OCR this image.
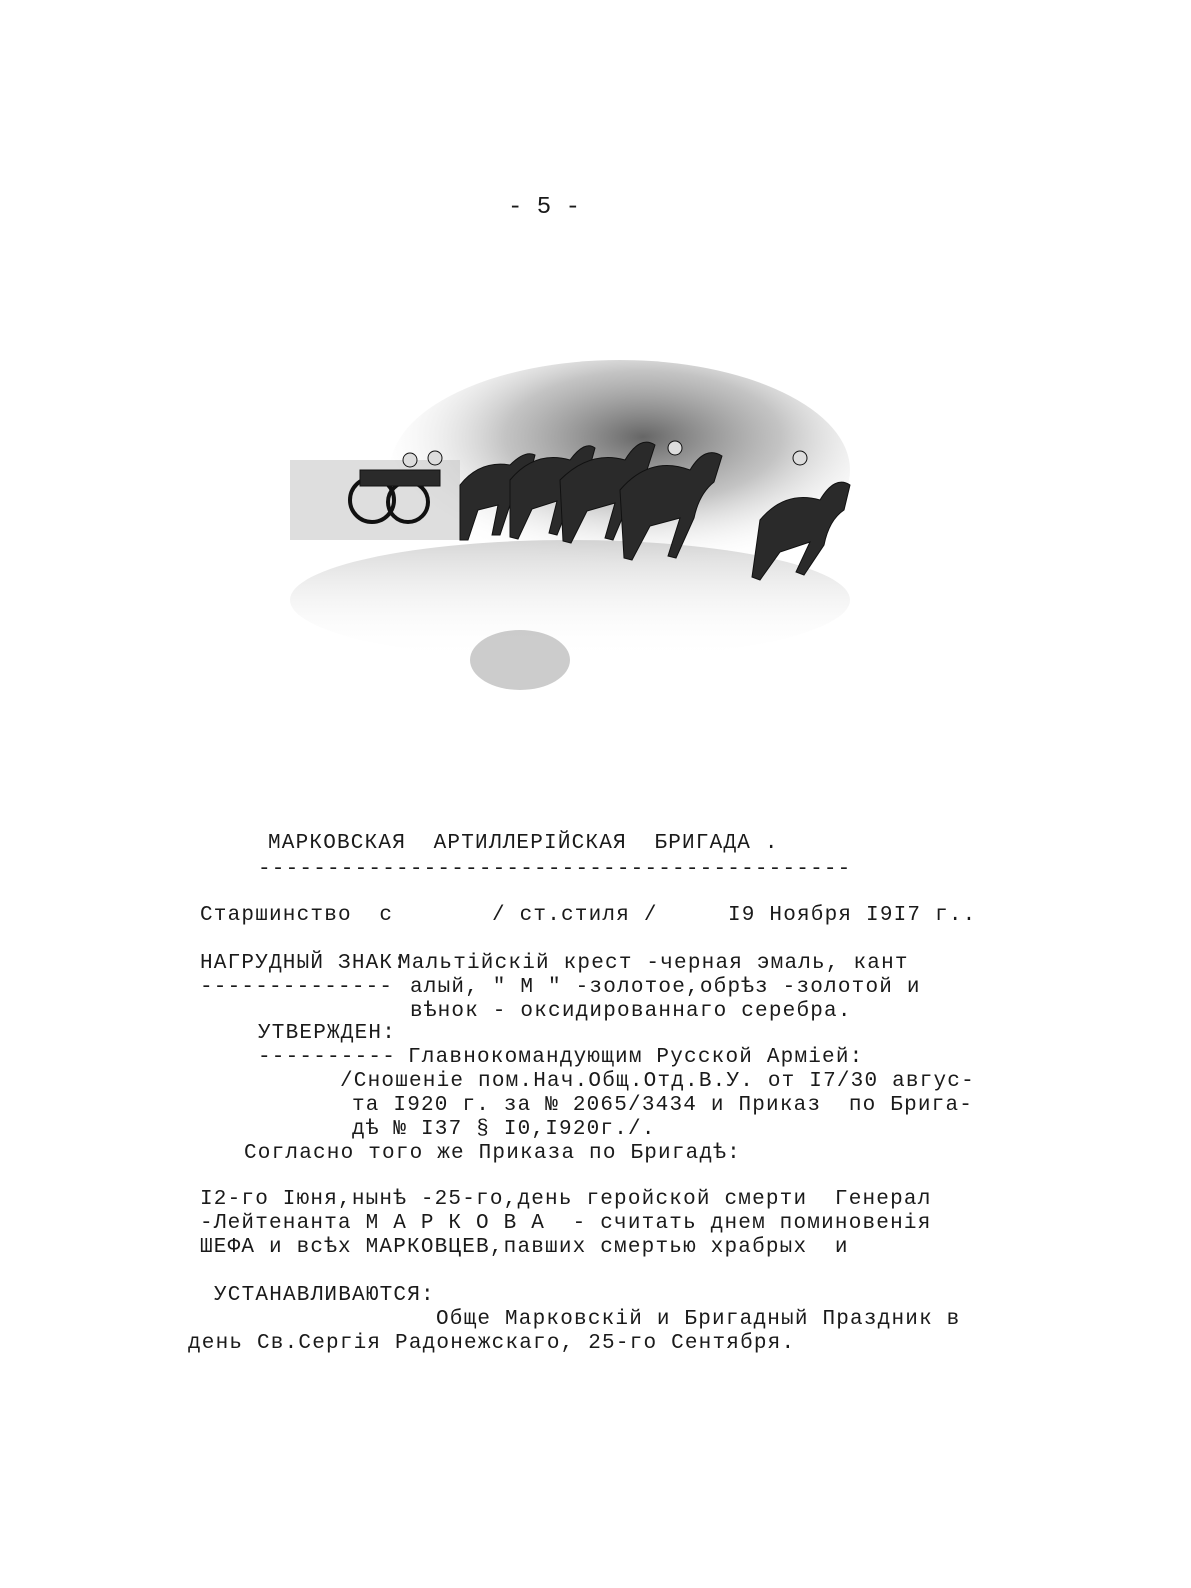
- 5 -
МАРКОВСКАЯ  АРТИЛЛЕРІЙСКАЯ  БРИГАДА .
-------------------------------------------
Старшинство  с	/ ст.стиля /	I9 Ноября I9I7 г..
НАГРУДНЫЙ ЗНАК:
--------------
Мальтійскій крест -черная эмаль, кант
алый, " М " -золотое,обрѣз -золотой и
вѣнок - оксидированнаго серебра.
УТВЕРЖДЕН:
---------- Главнокомандующим Русской Арміей:
/Сношеніе пом.Нач.Общ.Отд.В.У. от I7/30 авгус-
та I920 г. за № 2065/3434 и Приказ  по Брига-
дѣ № I37 § I0,I920г./.
Согласно того же Приказа по Бригадѣ:
I2-го Іюня,нынѣ -25-го,день геройской смерти  Генерал
-Лейтенанта М А Р К О В А  - считать днем поминовенія
ШЕФА и всѣх МАРКОВЦЕВ,павших смертью храбрых  и
УСТАНАВЛИВАЮТСЯ:
Обще Марковскій и Бригадный Праздник в
день Св.Сергія Радонежскаго, 25-го Сентября.
